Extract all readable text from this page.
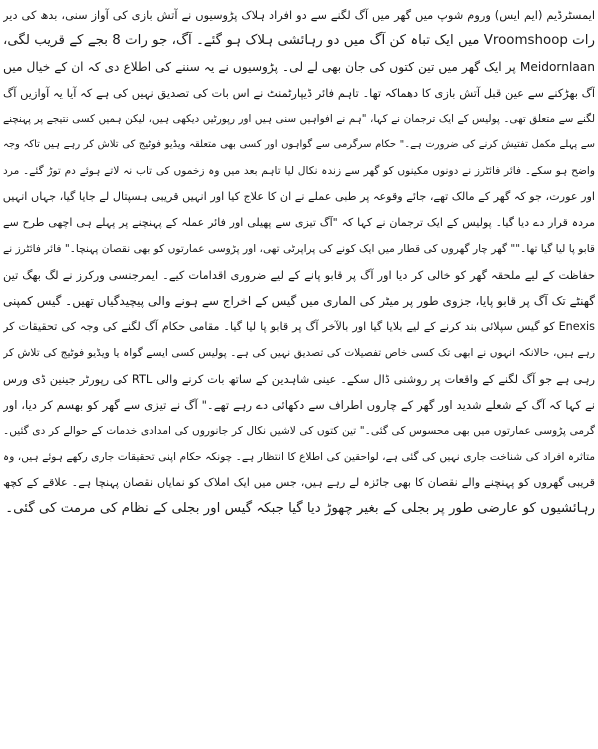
ایمسٹرڈیم (ایم ایس) وروم شوپ میں گھر میں آگ لگنے سے دو افراد ہلاک پڑوسیوں نے آتش بازی کی آواز سنی، بدھ کی دیر
رات Vroomshoop میں ایک تباہ کن آگ میں دو رہائشی ہلاک ہو گئے۔ آگ، جو رات 8 بجے کے قریب لگی،
Meidornlaan پر ایک گھر میں تین کتوں کی جان بھی لے لی۔ پڑوسیوں نے یہ سننے کی اطلاع دی کہ ان کے خیال میں
آگ بھڑکنے سے عین قبل آتش بازی کا دھماکہ تھا۔ تاہم فائر ڈیپارٹمنٹ نے اس بات کی تصدیق نہیں کی ہے کہ آیا یہ آوازیں آگ
لگنے سے متعلق تھی۔ پولیس کے ایک ترجمان نے کہا، "ہم نے افواہیں سنی ہیں اور رپورٹیں دیکھی ہیں، لیکن ہمیں کسی نتیجے پر پہنچنے
سے پہلے مکمل تفتیش کرنے کی ضرورت ہے۔" حکام سرگرمی سے گواہوں اور کسی بھی متعلقہ ویڈیو فوٹیج کی تلاش کر رہے ہیں تاکہ وجہ
واضح ہو سکے۔ فائر فائٹرز نے دونوں مکینوں کو گھر سے زندہ نکال لیا تاہم بعد میں وہ زخموں کی تاب نہ لاتے ہوئے دم توڑ گئے۔ مرد
اور عورت، جو کہ گھر کے مالک تھے، جائے وقوعہ پر طبی عملے نے ان کا علاج کیا اور انہیں قریبی ہسپتال لے جایا گیا، جہاں انہیں
مردہ قرار دے دیا گیا۔ پولیس کے ایک ترجمان نے کہا کہ "آگ تیزی سے پھیلی اور فائر عملہ کے پہنچنے پر پہلے ہی اچھی طرح سے
قابو پا لیا گیا تھا۔"" گھر چار گھروں کی قطار میں ایک کونے کی پراپرٹی تھی، اور پڑوسی عمارتوں کو بھی نقصان پہنچا۔" فائر فائٹرز نے
حفاظت کے لیے ملحقہ گھر کو خالی کر دیا اور آگ پر قابو پانے کے لیے ضروری اقدامات کیے۔ ایمرجنسی ورکرز نے لگ بھگ تین
گھنٹے تک آگ پر قابو پایا، جزوی طور پر میٹر کی الماری میں گیس کے اخراج سے ہونے والی پیچیدگیاں تھیں۔ گیس کمپنی
Enexis کو گیس سپلائی بند کرنے کے لیے بلایا گیا اور بالآخر آگ پر قابو پا لیا گیا۔ مقامی حکام آگ لگنے کی وجہ کی تحقیقات کر
رہے ہیں، حالانکہ انہوں نے ابھی تک کسی خاص تفصیلات کی تصدیق نہیں کی ہے۔ پولیس کسی ایسے گواہ یا ویڈیو فوٹیج کی تلاش کر
رہی ہے جو آگ لگنے کے واقعات پر روشنی ڈال سکے۔ عینی شاہدین کے ساتھ بات کرنے والی RTL کی رپورٹر جینین ڈی ورس
نے کہا کہ آگ کے شعلے شدید اور گھر کے چاروں اطراف سے دکھائی دے رہے تھے۔" آگ نے تیزی سے گھر کو بھسم کر دیا، اور
گرمی پڑوسی عمارتوں میں بھی محسوس کی گئی۔" تین کتوں کی لاشیں نکال کر جانوروں کی امدادی خدمات کے حوالے کر دی گئیں۔
متاثرہ افراد کی شناخت جاری نہیں کی گئی ہے، لواحقین کی اطلاع کا انتظار ہے۔ چونکہ حکام اپنی تحقیقات جاری رکھے ہوئے ہیں، وہ
قریبی گھروں کو پہنچنے والے نقصان کا بھی جائزہ لے رہے ہیں، جس میں ایک املاک کو نمایاں نقصان پہنچا ہے۔ علاقے کے کچھ
رہائشیوں کو عارضی طور پر بجلی کے بغیر چھوڑ دیا گیا جبکہ گیس اور بجلی کے نظام کی مرمت کی گئی۔
